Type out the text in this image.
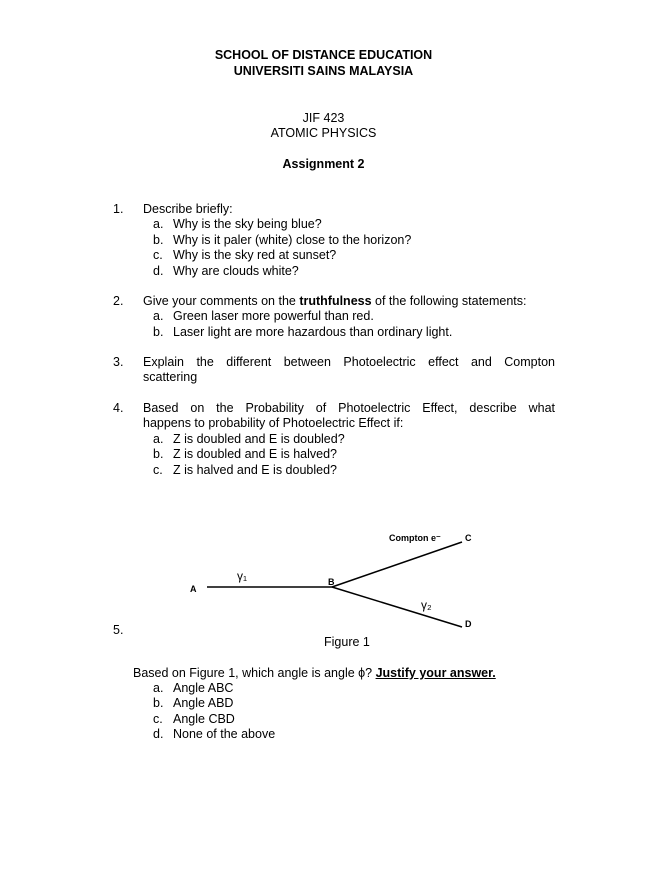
SCHOOL OF DISTANCE EDUCATION
UNIVERSITI SAINS MALAYSIA
JIF 423
ATOMIC PHYSICS
Assignment 2
1. Describe briefly:
a. Why is the sky being blue?
b. Why is it paler (white) close to the horizon?
c. Why is the sky red at sunset?
d. Why are clouds white?
2. Give your comments on the truthfulness of the following statements:
a. Green laser more powerful than red.
b. Laser light are more hazardous than ordinary light.
3. Explain the different between Photoelectric effect and Compton
scattering
4. Based on the Probability of Photoelectric Effect, describe what
happens to probability of Photoelectric Effect if:
a. Z is doubled and E is doubled?
b. Z is doubled and E is halved?
c. Z is halved and E is doubled?
A
B
C
D
γ₁
γ₂
Compton e⁻
5.
Figure 1
Based on Figure 1, which angle is angle ϕ? Justify your answer.
a. Angle ABC
b. Angle ABD
c. Angle CBD
d. None of the above
